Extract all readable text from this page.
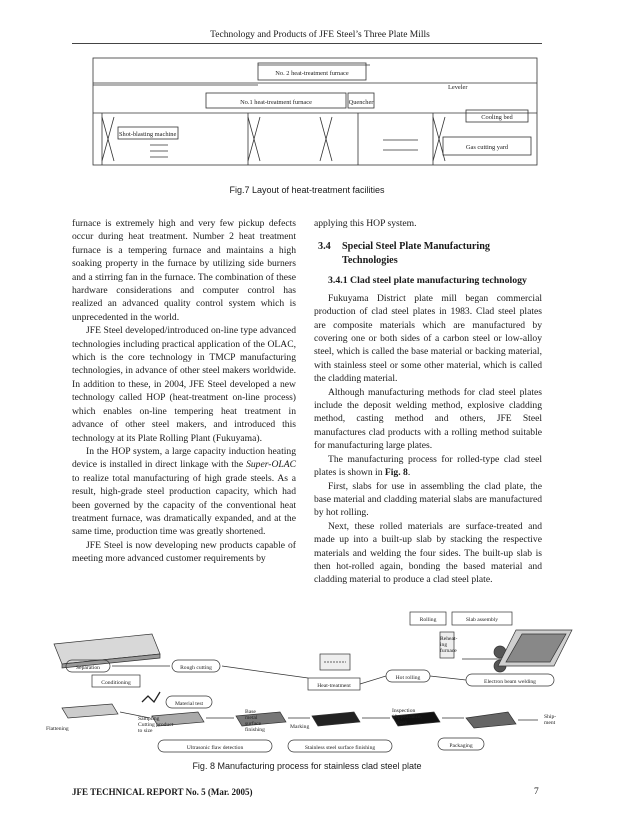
Technology and Products of JFE Steel’s Three Plate Mills
No. 2 heat-treatment furnace
No.1 heat-treatment furnace	Quencher
Leveler
Cooling bed
Shot-blasting machine
Gas cutting yard
Fig.7 Layout of heat-treatment facilities

furnace is extremely high and very few pickup defects occur during heat treatment. Number 2 heat treatment furnace is a tempering furnace and maintains a high soaking property in the furnace by utilizing side burners and a stirring fan in the furnace. The combination of these hardware considerations and computer control has realized an advanced quality control system which is unprecedented in the world.

JFE Steel developed/introduced on-line type advanced technologies including practical application of the OLAC, which is the core technology in TMCP manufacturing technologies, in advance of other steel makers worldwide. In addition to these, in 2004, JFE Steel developed a new technology called HOP (heat-treatment on-line process) which enables on-line tempering heat treatment in advance of other steel makers, and introduced this technology at its Plate Rolling Plant (Fukuyama).

In the HOP system, a large capacity induction heating device is installed in direct linkage with the Super-OLAC to realize total manufacturing of high grade steels. As a result, high-grade steel production capacity, which had been governed by the capacity of the conventional heat treatment furnace, was dramatically expanded, and at the same time, production time was greatly shortened.

JFE Steel is now developing new products capable of meeting more advanced customer requirements by

applying this HOP system.

3.4	Special Steel Plate Manufacturing
Technologies
3.4.1 Clad steel plate manufacturing technology

Fukuyama District plate mill began commercial production of clad steel plates in 1983. Clad steel plates are composite materials which are manufactured by covering one or both sides of a carbon steel or low-alloy steel, which is called the base material or backing material, with stainless steel or some other material, which is called the cladding material.

Although manufacturing methods for clad steel plates include the deposit welding method, explosive cladding method, casting method and others, JFE Steel manufactures clad products with a rolling method suitable for manufacturing large plates.

The manufacturing process for rolled-type clad steel plates is shown in Fig. 8.

First, slabs for use in assembling the clad plate, the base material and cladding material slabs are manufactured by hot rolling.

Next, these rolled materials are surface-treated and made up into a built-up slab by stacking the respective materials and welding the four sides. The built-up slab is then hot-rolled again, bonding the based material and cladding material to produce a clad steel plate.

Rolling	Slab assembly
Reheat-
ing
furnace
Separation	Rough cutting
Conditioning	Heat-treatment
Hot rolling
Electron beam welding
Material test
Sampling
Cutting product
to size
Flattening
Base
metal
surface
finishing	Marking
Inspection
(Appearance,
size)
Ship-
ment
Ultrasonic flaw detection	Stainless steel surface finishing	Packaging
Fig. 8 Manufacturing process for stainless clad steel plate
JFE TECHNICAL REPORT No. 5 (Mar. 2005)	7
